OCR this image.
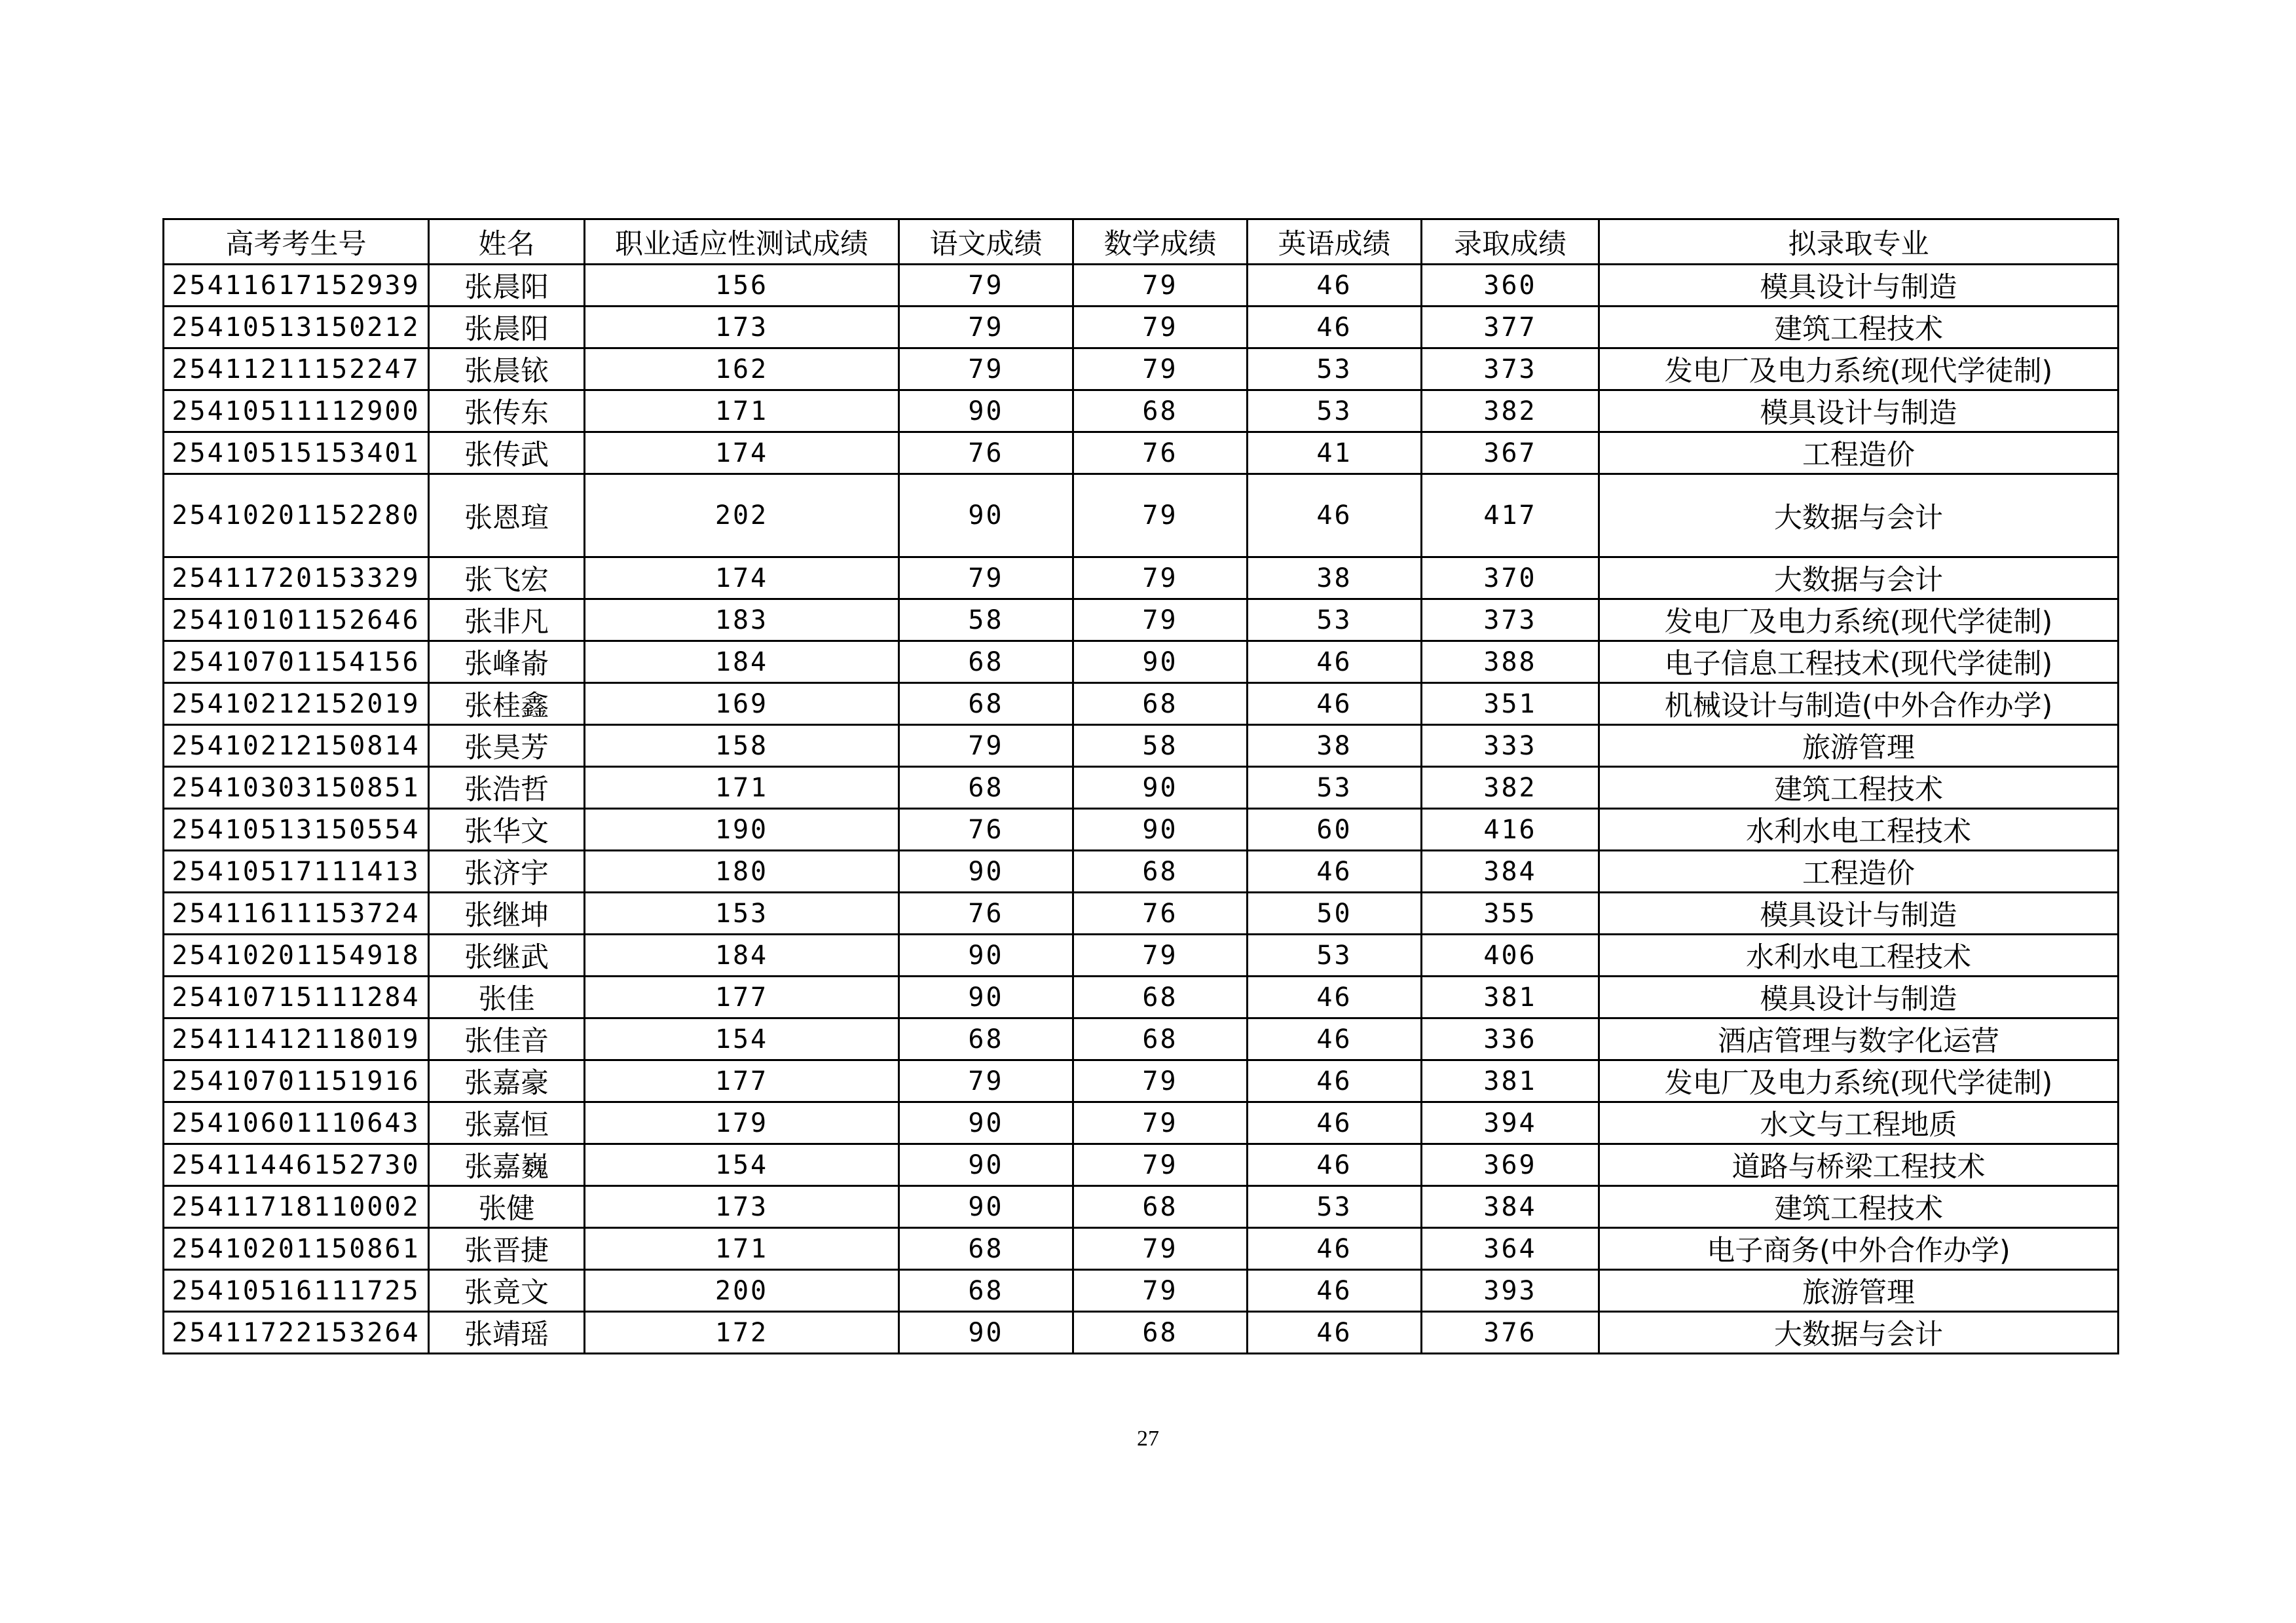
高考考生号	姓名	职业适应性测试成绩	语文成绩	数学成绩	英语成绩	录取成绩	拟录取专业
25411617152939	张晨阳	156	79	79	46	360	模具设计与制造
25410513150212	张晨阳	173	79	79	46	377	建筑工程技术
25411211152247	张晨铱	162	79	79	53	373	发电厂及电力系统(现代学徒制)
25410511112900	张传东	171	90	68	53	382	模具设计与制造
25410515153401	张传武	174	76	76	41	367	工程造价
25410201152280	张恩瑄	202	90	79	46	417	大数据与会计
25411720153329	张飞宏	174	79	79	38	370	大数据与会计
25410101152646	张非凡	183	58	79	53	373	发电厂及电力系统(现代学徒制)
25410701154156	张峰嵛	184	68	90	46	388	电子信息工程技术(现代学徒制)
25410212152019	张桂鑫	169	68	68	46	351	机械设计与制造(中外合作办学)
25410212150814	张昊芳	158	79	58	38	333	旅游管理
25410303150851	张浩哲	171	68	90	53	382	建筑工程技术
25410513150554	张华文	190	76	90	60	416	水利水电工程技术
25410517111413	张济宇	180	90	68	46	384	工程造价
25411611153724	张继坤	153	76	76	50	355	模具设计与制造
25410201154918	张继武	184	90	79	53	406	水利水电工程技术
25410715111284	张佳	177	90	68	46	381	模具设计与制造
25411412118019	张佳音	154	68	68	46	336	酒店管理与数字化运营
25410701151916	张嘉豪	177	79	79	46	381	发电厂及电力系统(现代学徒制)
25410601110643	张嘉恒	179	90	79	46	394	水文与工程地质
25411446152730	张嘉巍	154	90	79	46	369	道路与桥梁工程技术
25411718110002	张健	173	90	68	53	384	建筑工程技术
25410201150861	张晋捷	171	68	79	46	364	电子商务(中外合作办学)
25410516111725	张竟文	200	68	79	46	393	旅游管理
25411722153264	张靖瑶	172	90	68	46	376	大数据与会计
27
